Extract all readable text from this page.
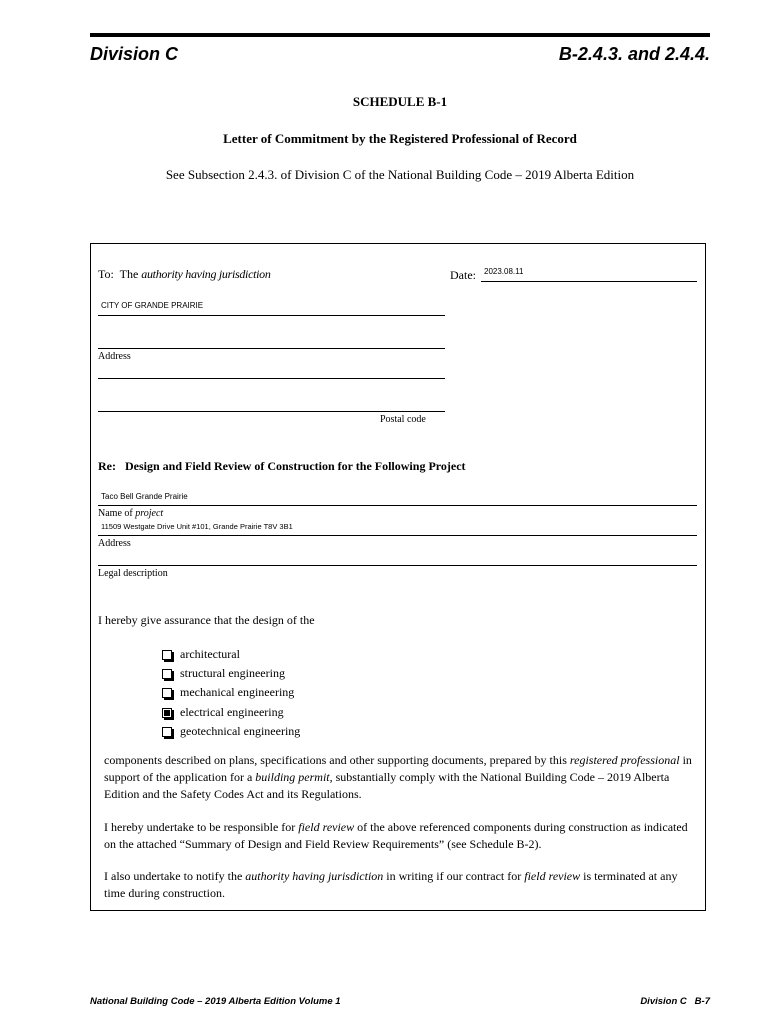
Division C	B-2.4.3. and 2.4.4.
SCHEDULE B-1
Letter of Commitment by the Registered Professional of Record
See Subsection 2.4.3. of Division C of the National Building Code – 2019 Alberta Edition
To: The authority having jurisdiction	Date: 2023.08.11
CITY OF GRANDE PRAIRIE
Address
Postal code
Re: Design and Field Review of Construction for the Following Project
Taco Bell Grande Prairie
Name of project
11509 Westgate Drive Unit #101, Grande Prairie T8V 3B1
Address
Legal description
I hereby give assurance that the design of the
architectural
structural engineering
mechanical engineering
electrical engineering
geotechnical engineering
components described on plans, specifications and other supporting documents, prepared by this registered professional in support of the application for a building permit, substantially comply with the National Building Code – 2019 Alberta Edition and the Safety Codes Act and its Regulations.
I hereby undertake to be responsible for field review of the above referenced components during construction as indicated on the attached “Summary of Design and Field Review Requirements” (see Schedule B-2).
I also undertake to notify the authority having jurisdiction in writing if our contract for field review is terminated at any time during construction.
National Building Code – 2019 Alberta Edition Volume 1	Division C   B-7
